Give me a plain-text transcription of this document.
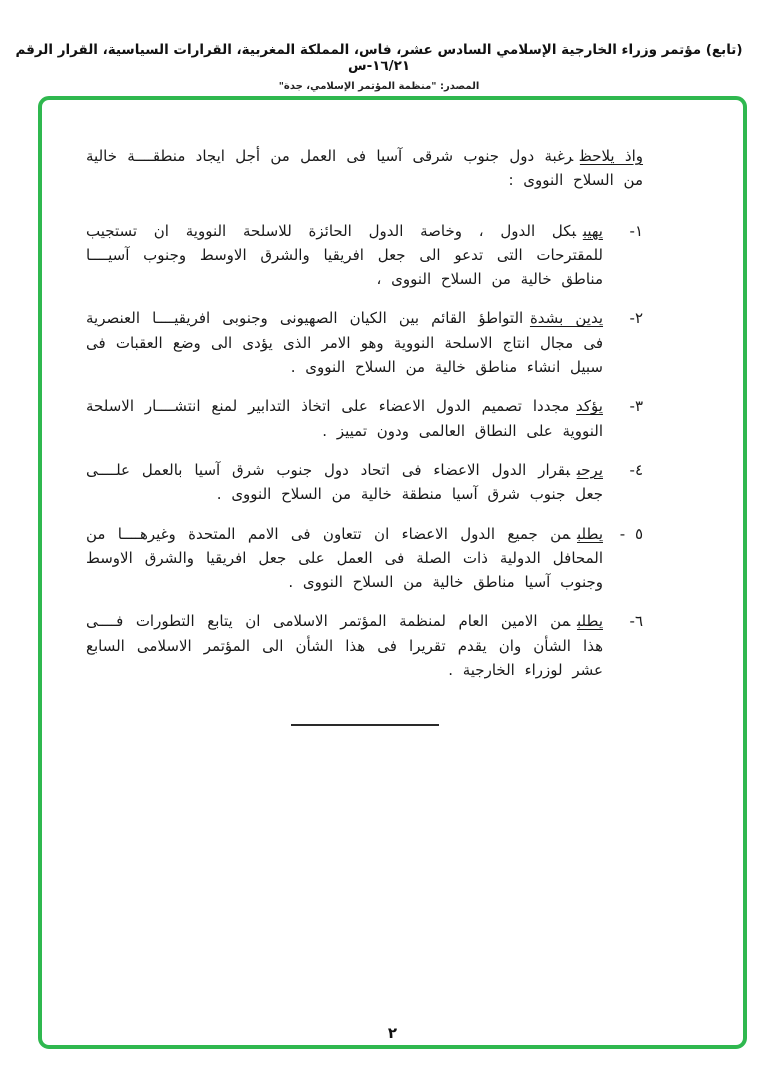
(تابع) مؤتمر وزراء الخارجية الإسلامي السادس عشر، فاس، المملكة المغربية، القرارات السياسية، القرار الرقم ١٦/٢١-س
المصدر: "منظمة المؤتمر الإسلامي، جدة"

واذ يلاحظرغبة دول جنوب شرقى آسيا فى العمل من أجل ايجاد منطقــــة خالية من السلاح النووى :

١-

يهيببكل الدول ، وخاصة الدول الحائزة للاسلحة النووية ان تستجيب للمقترحات التى تدعو الى جعل افريقيا والشرق الاوسط وجنوب آسيــــا مناطق خالية من السلاح النووى ،

٢-

يدين بشدةالتواطؤ القائم بين الكيان الصهيونى وجنوبى افريقيــــا العنصرية فى مجال انتاج الاسلحة النووية وهو الامر الذى يؤدى الى وضع العقبات فى سبيل انشاء مناطق خالية من السلاح النووى .

٣-

يؤكدمجددا تصميم الدول الاعضاء على اتخاذ التدابير لمنع انتشــــار الاسلحة النووية على النطاق العالمى ودون تمييز .

٤-

يرحببقرار الدول الاعضاء فى اتحاد دول جنوب شرق آسيا بالعمل علــــى جعل جنوب شرق آسيا منطقة خالية من السلاح النووى .

٥ -

يطلبمن جميع الدول الاعضاء ان تتعاون فى الامم المتحدة وغيرهــــا من المحافل الدولية ذات الصلة فى العمل على جعل افريقيا والشرق الاوسط وجنوب آسيا مناطق خالية من السلاح النووى .

٦-

يطلبمن الامين العام لمنظمة المؤتمر الاسلامى ان يتابع التطورات فــــى هذا الشأن وان يقدم تقريرا فى هذا الشأن الى المؤتمر الاسلامى السابع عشر لوزراء الخارجية .

٢
